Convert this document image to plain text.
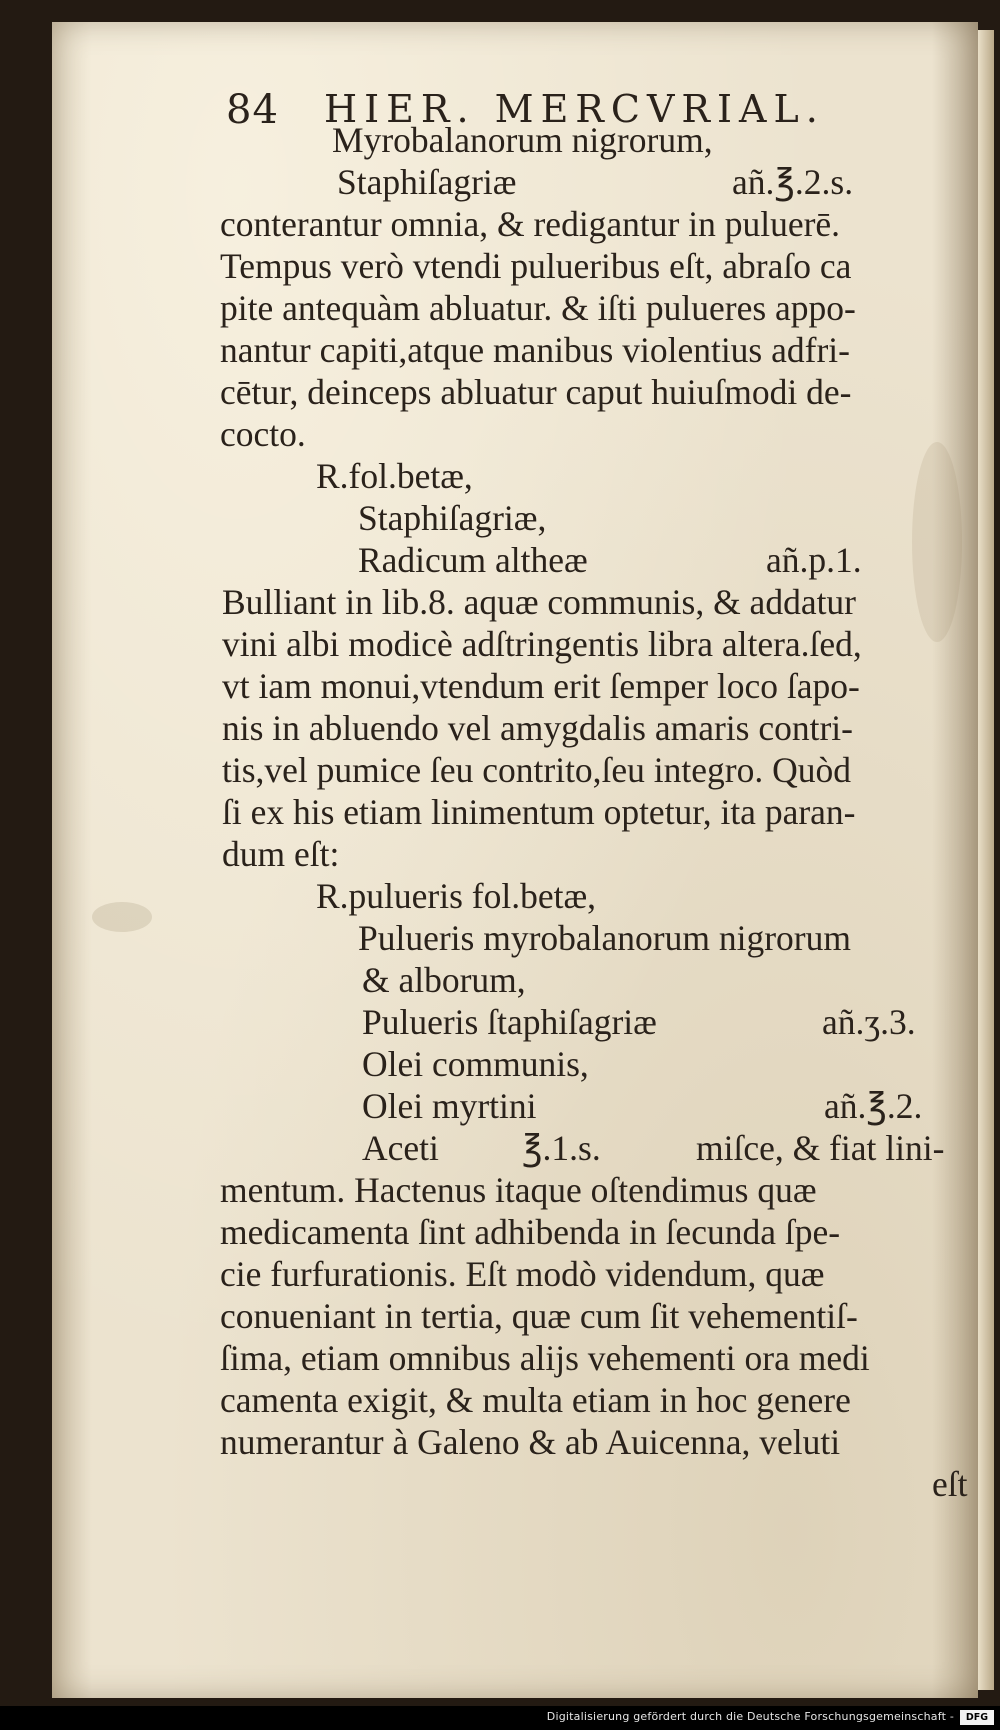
84 HIER. MERCVRIAL.
Myrobalanorum nigrorum,
Staphiſagriæ	añ.℥.2.s.
conterantur omnia, & redigantur in puluerē.
Tempus verò vtendi pulueribus eſt, abraſo ca
pite antequàm abluatur. & iſti pulueres appo-
nantur capiti,atque manibus violentius adfri-
cētur, deinceps abluatur caput huiuſmodi de-
cocto.
R.fol.betæ,
Staphiſagriæ,
Radicum altheæ	añ.p.1.
Bulliant in lib.8. aquæ communis, & addatur
vini albi modicè adſtringentis libra altera.ſed,
vt iam monui,vtendum erit ſemper loco ſapo-
nis in abluendo vel amygdalis amaris contri-
tis,vel pumice ſeu contrito,ſeu integro. Quòd
ſi ex his etiam linimentum optetur, ita paran-
dum eſt:
R.pulueris fol.betæ,
Pulueris myrobalanorum nigrorum
& alborum,
Pulueris ſtaphiſagriæ	añ.ʒ.3.
Olei communis,
Olei myrtini	añ.℥.2.
Aceti ℥.1.s.	miſce, & fiat lini-
mentum. Hactenus itaque oſtendimus quæ
medicamenta ſint adhibenda in ſecunda ſpe-
cie furfurationis. Eſt modò videndum, quæ
conueniant in tertia, quæ cum ſit vehementiſ-
ſima, etiam omnibus alijs vehementi ora medi
camenta exigit, & multa etiam in hoc genere
numerantur à Galeno & ab Auicenna, veluti
eſt
Digitalisierung gefördert durch die Deutsche Forschungsgemeinschaft -	DFG
